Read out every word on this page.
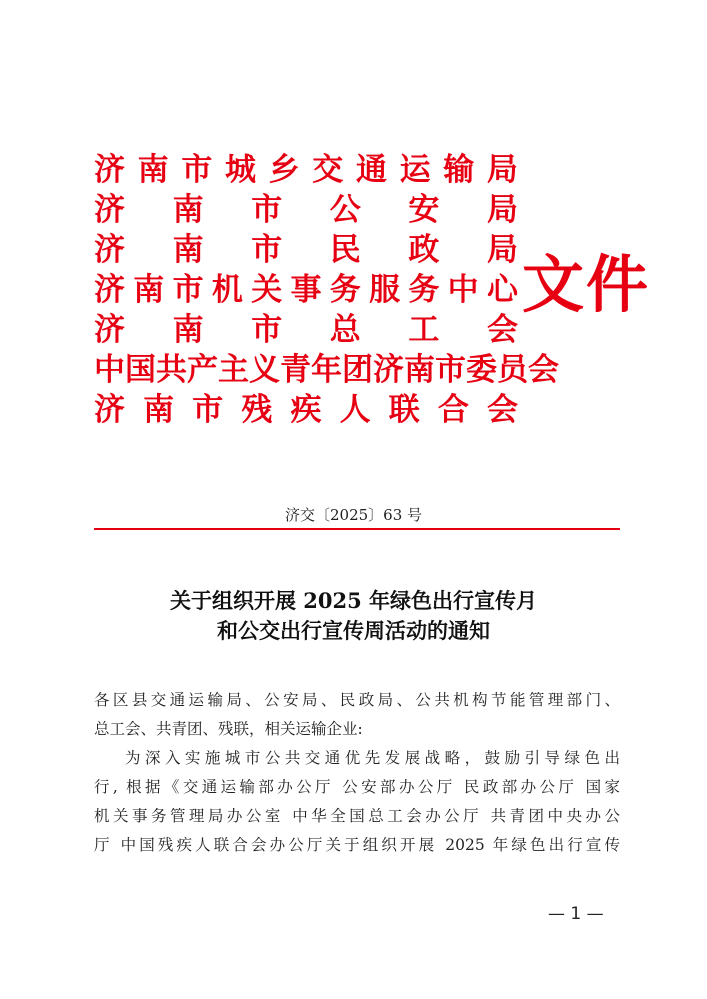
济 南 市 城 乡 交 通 运 输 局
济 南 市 公 安 局
济 南 市 民 政 局
济 南 市 机 关 事 务 服 务 中 心
济 南 市 总 工 会
中 国 共 产 主 义 青 年 团 济 南 市 委 员 会
济 南 市 残 疾 人 联 合 会
文件
济交〔2025〕63 号
关于组织开展 2025 年绿色出行宣传月
和公交出行宣传周活动的通知

各区县交通运输局、公安局、民政局、公共机构节能管理部门、

总工会、共青团、残联，相关运输企业:

为深入实施城市公共交通优先发展战略，鼓励引导绿色出

行, 根据《交通运输部办公厅 公安部办公厅 民政部办公厅 国家

机关事务管理局办公室 中华全国总工会办公厅 共青团中央办公

厅 中国残疾人联合会办公厅关于组织开展 2025 年绿色出行宣传

— 1 —
